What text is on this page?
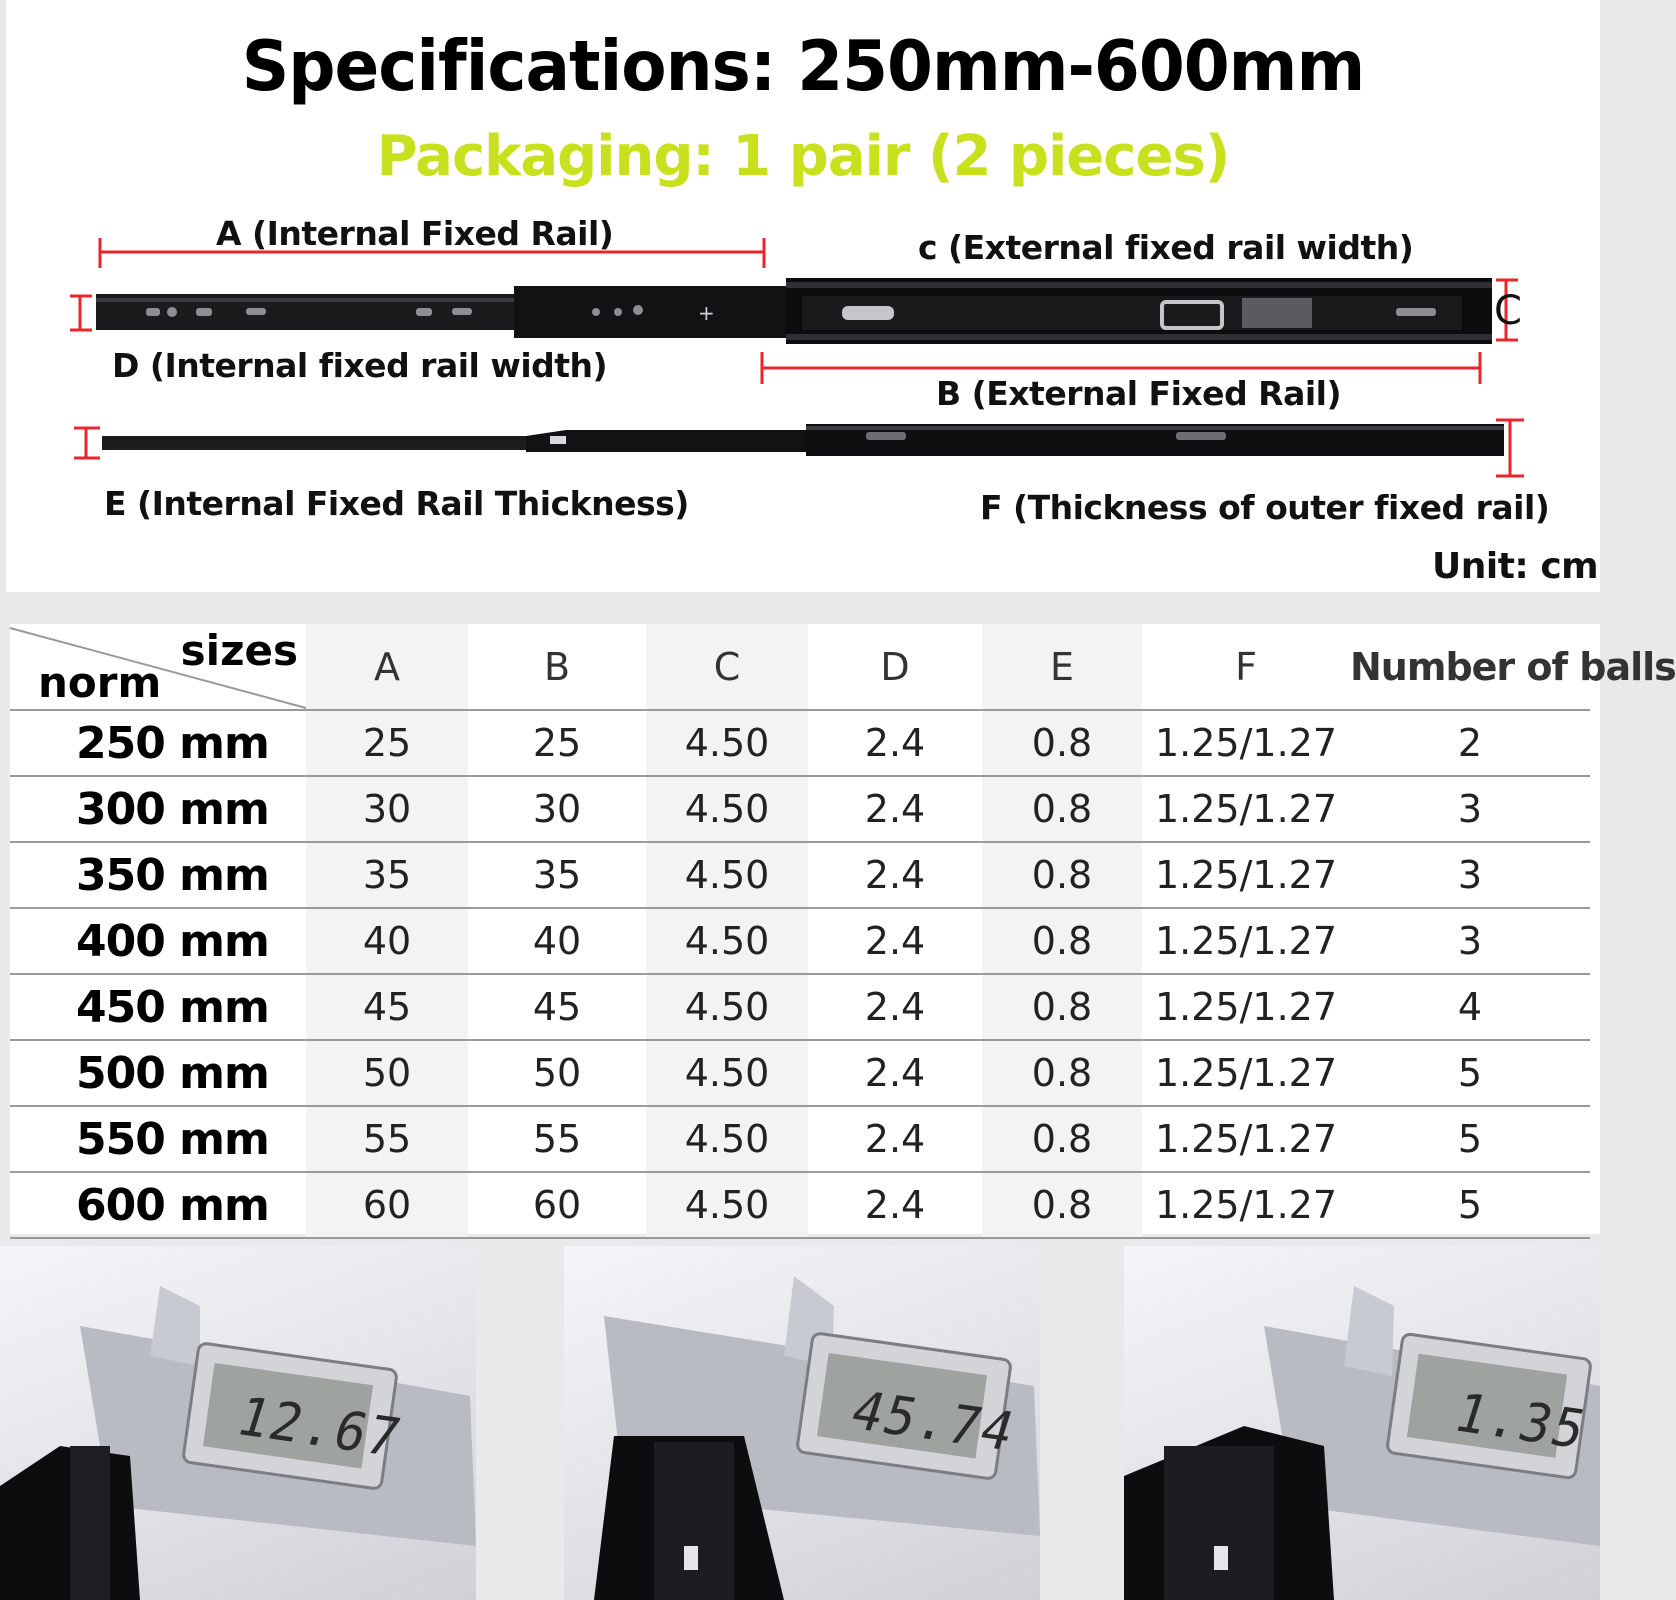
Specifications: 250mm-600mm
Packaging: 1 pair (2 pieces)
+
A (Internal Fixed Rail)	c (External fixed rail width)
C
D (Internal fixed rail width)
B (External Fixed Rail)
E (Internal Fixed Rail Thickness)	F (Thickness of outer fixed rail)
Unit: cm
sizes
norm	A	B	C	D	E	F	Number of balls
250 mm	25	25	4.50	2.4	0.8	1.25/1.27	2
300 mm	30	30	4.50	2.4	0.8	1.25/1.27	3
350 mm	35	35	4.50	2.4	0.8	1.25/1.27	3
400 mm	40	40	4.50	2.4	0.8	1.25/1.27	3
450 mm	45	45	4.50	2.4	0.8	1.25/1.27	4
500 mm	50	50	4.50	2.4	0.8	1.25/1.27	5
550 mm	55	55	4.50	2.4	0.8	1.25/1.27	5
600 mm	60	60	4.50	2.4	0.8	1.25/1.27	5
12.67	45.74	1.35
